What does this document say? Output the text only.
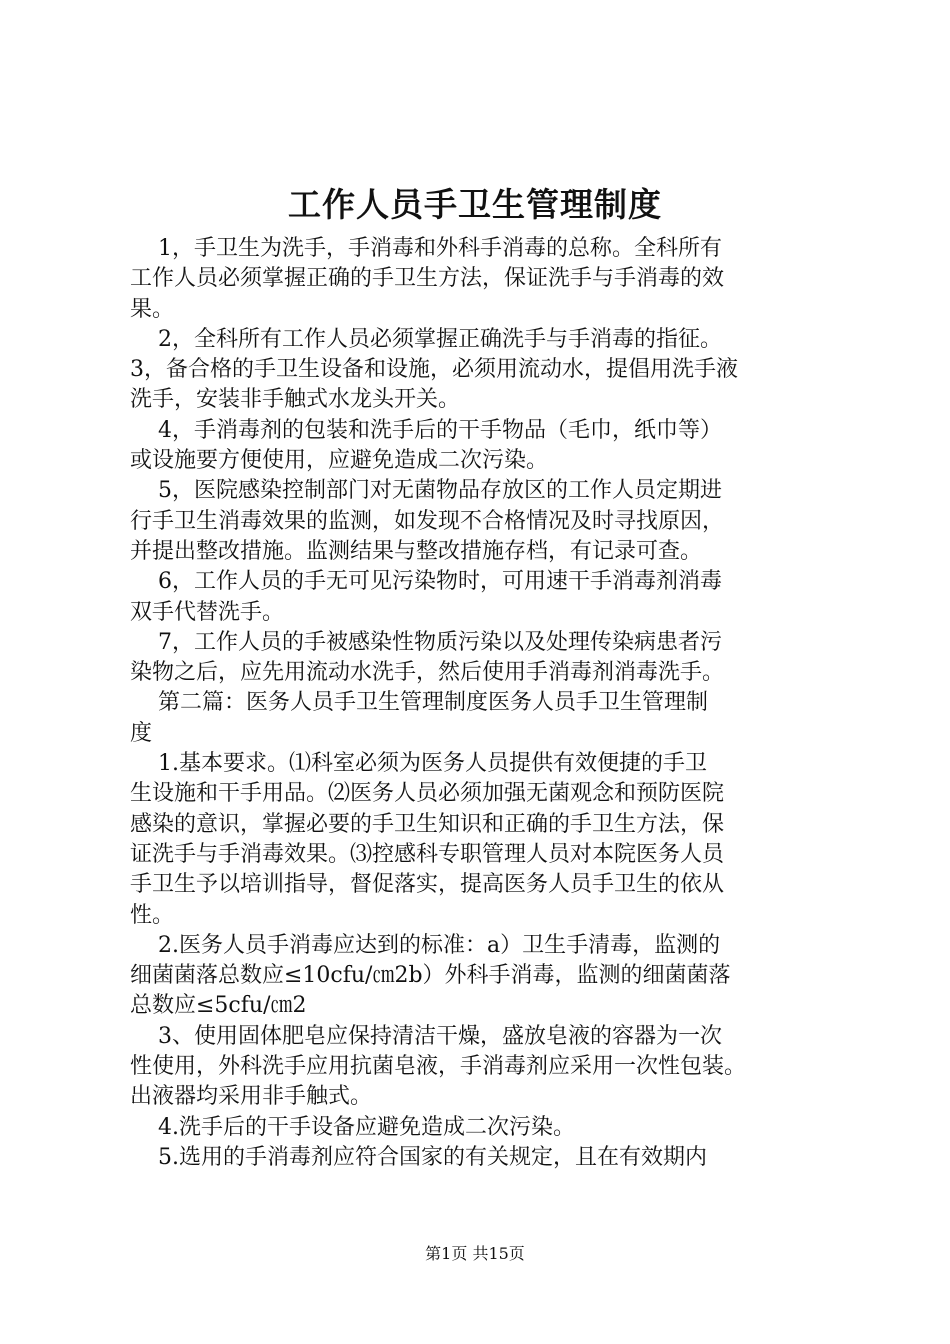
工作人员手卫生管理制度
1，手卫生为洗手，手消毒和外科手消毒的总称。全科所有
工作人员必须掌握正确的手卫生方法，保证洗手与手消毒的效
果。
2，全科所有工作人员必须掌握正确洗手与手消毒的指征。
3，备合格的手卫生设备和设施，必须用流动水，提倡用洗手液
洗手，安装非手触式水龙头开关。
4，手消毒剂的包装和洗手后的干手物品（毛巾，纸巾等）
或设施要方便使用，应避免造成二次污染。
5，医院感染控制部门对无菌物品存放区的工作人员定期进
行手卫生消毒效果的监测，如发现不合格情况及时寻找原因，
并提出整改措施。监测结果与整改措施存档，有记录可查。
6，工作人员的手无可见污染物时，可用速干手消毒剂消毒
双手代替洗手。
7，工作人员的手被感染性物质污染以及处理传染病患者污
染物之后，应先用流动水洗手，然后使用手消毒剂消毒洗手。
第二篇：医务人员手卫生管理制度医务人员手卫生管理制
度
1.基本要求。⑴科室必须为医务人员提供有效便捷的手卫
生设施和干手用品。⑵医务人员必须加强无菌观念和预防医院
感染的意识，掌握必要的手卫生知识和正确的手卫生方法，保
证洗手与手消毒效果。⑶控感科专职管理人员对本院医务人员
手卫生予以培训指导，督促落实，提高医务人员手卫生的依从
性。
2.医务人员手消毒应达到的标准：a）卫生手清毒，监测的
细菌菌落总数应≤10cfu/㎝2b）外科手消毒，监测的细菌菌落
总数应≤5cfu/㎝2
3、使用固体肥皂应保持清洁干燥，盛放皂液的容器为一次
性使用，外科洗手应用抗菌皂液，手消毒剂应采用一次性包装。
出液器均采用非手触式。
4.洗手后的干手设备应避免造成二次污染。
5.选用的手消毒剂应符合国家的有关规定，且在有效期内
第1页 共15页
